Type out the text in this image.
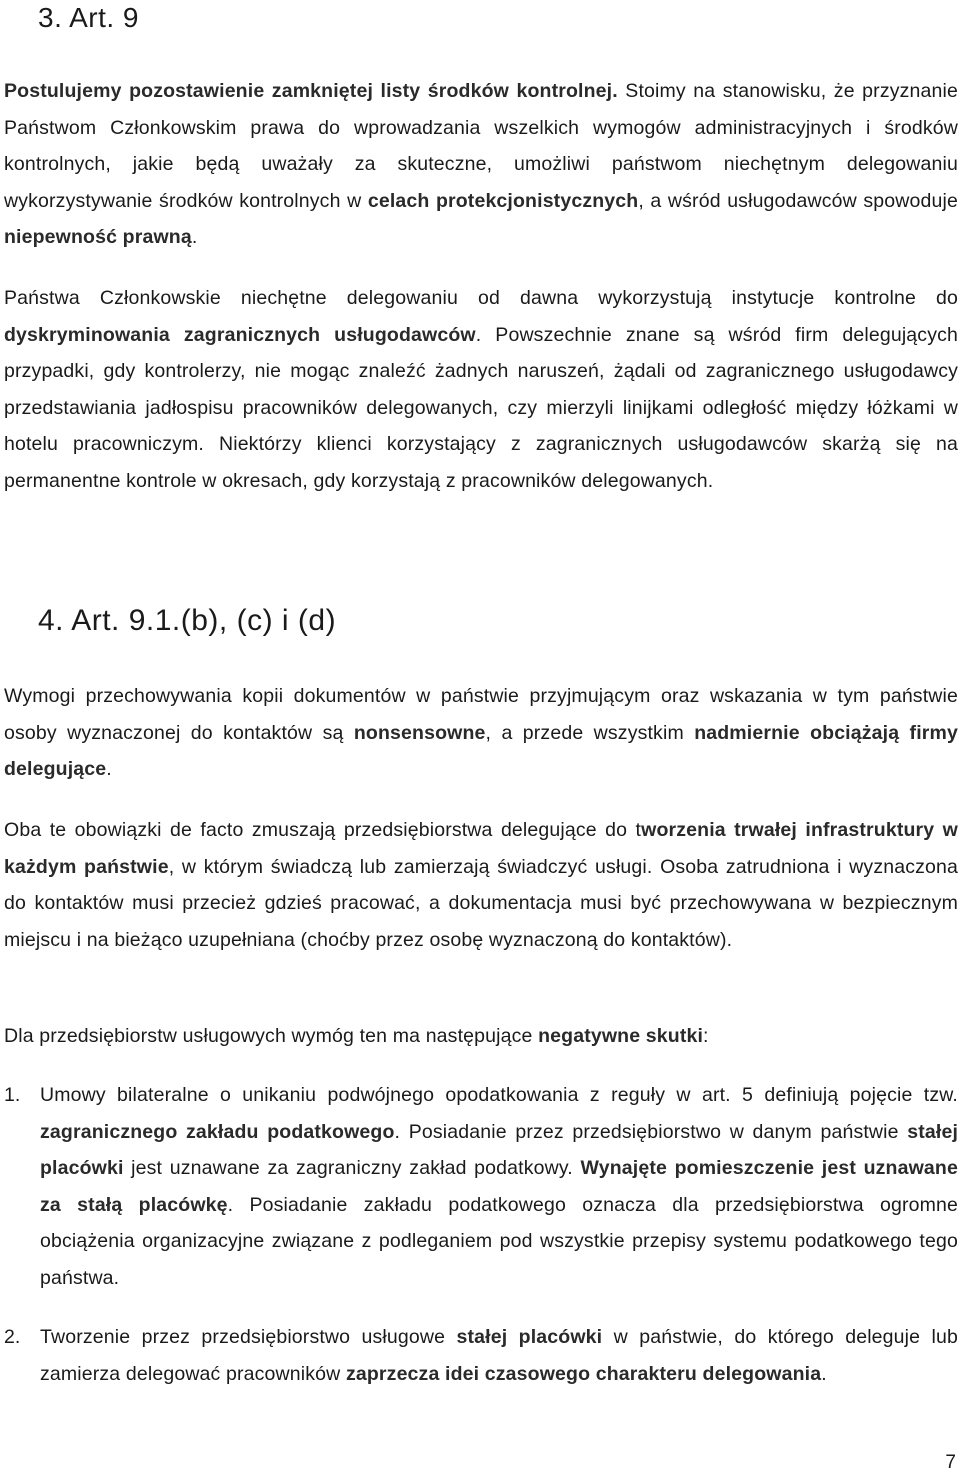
3. Art. 9

Postulujemy pozostawienie zamkniętej listy środków kontrolnej. Stoimy na stanowisku, że przyznanie Państwom Członkowskim prawa do wprowadzania wszelkich wymogów administracyjnych i środków kontrolnych, jakie będą uważały za skuteczne, umożliwi państwom niechętnym delegowaniu wykorzystywanie środków kontrolnych w celach protekcjonistycznych, a wśród usługodawców spowoduje niepewność prawną.

Państwa Członkowskie niechętne delegowaniu od dawna wykorzystują instytucje kontrolne do dyskryminowania zagranicznych usługodawców. Powszechnie znane są wśród firm delegujących przypadki, gdy kontrolerzy, nie mogąc znaleźć żadnych naruszeń, żądali od zagranicznego usługodawcy przedstawiania jadłospisu pracowników delegowanych, czy mierzyli linijkami odległość między łóżkami w hotelu pracowniczym. Niektórzy klienci korzystający z zagranicznych usługodawców skarżą się na permanentne kontrole w okresach, gdy korzystają z pracowników delegowanych.

4. Art. 9.1.(b), (c) i (d)

Wymogi przechowywania kopii dokumentów w państwie przyjmującym oraz wskazania w tym państwie osoby wyznaczonej do kontaktów są nonsensowne, a przede wszystkim nadmiernie obciążają firmy delegujące.

Oba te obowiązki de facto zmuszają przedsiębiorstwa delegujące do tworzenia trwałej infrastruktury w każdym państwie, w którym świadczą lub zamierzają świadczyć usługi. Osoba zatrudniona i wyznaczona do kontaktów musi przecież gdzieś pracować, a dokumentacja musi być przechowywana w bezpiecznym miejscu i na bieżąco uzupełniana (choćby przez osobę wyznaczoną do kontaktów).

Dla przedsiębiorstw usługowych wymóg ten ma następujące negatywne skutki:

1.	Umowy bilateralne o unikaniu podwójnego opodatkowania z reguły w art. 5 definiują pojęcie tzw. zagranicznego zakładu podatkowego. Posiadanie przez przedsiębiorstwo w danym państwie stałej placówki jest uznawane za zagraniczny zakład podatkowy. Wynajęte pomieszczenie jest uznawane za stałą placówkę. Posiadanie zakładu podatkowego oznacza dla przedsiębiorstwa ogromne obciążenia organizacyjne związane z podleganiem pod wszystkie przepisy systemu podatkowego tego państwa.
2.	Tworzenie przez przedsiębiorstwo usługowe stałej placówki w państwie, do którego deleguje lub zamierza delegować pracowników zaprzecza idei czasowego charakteru delegowania.
7
